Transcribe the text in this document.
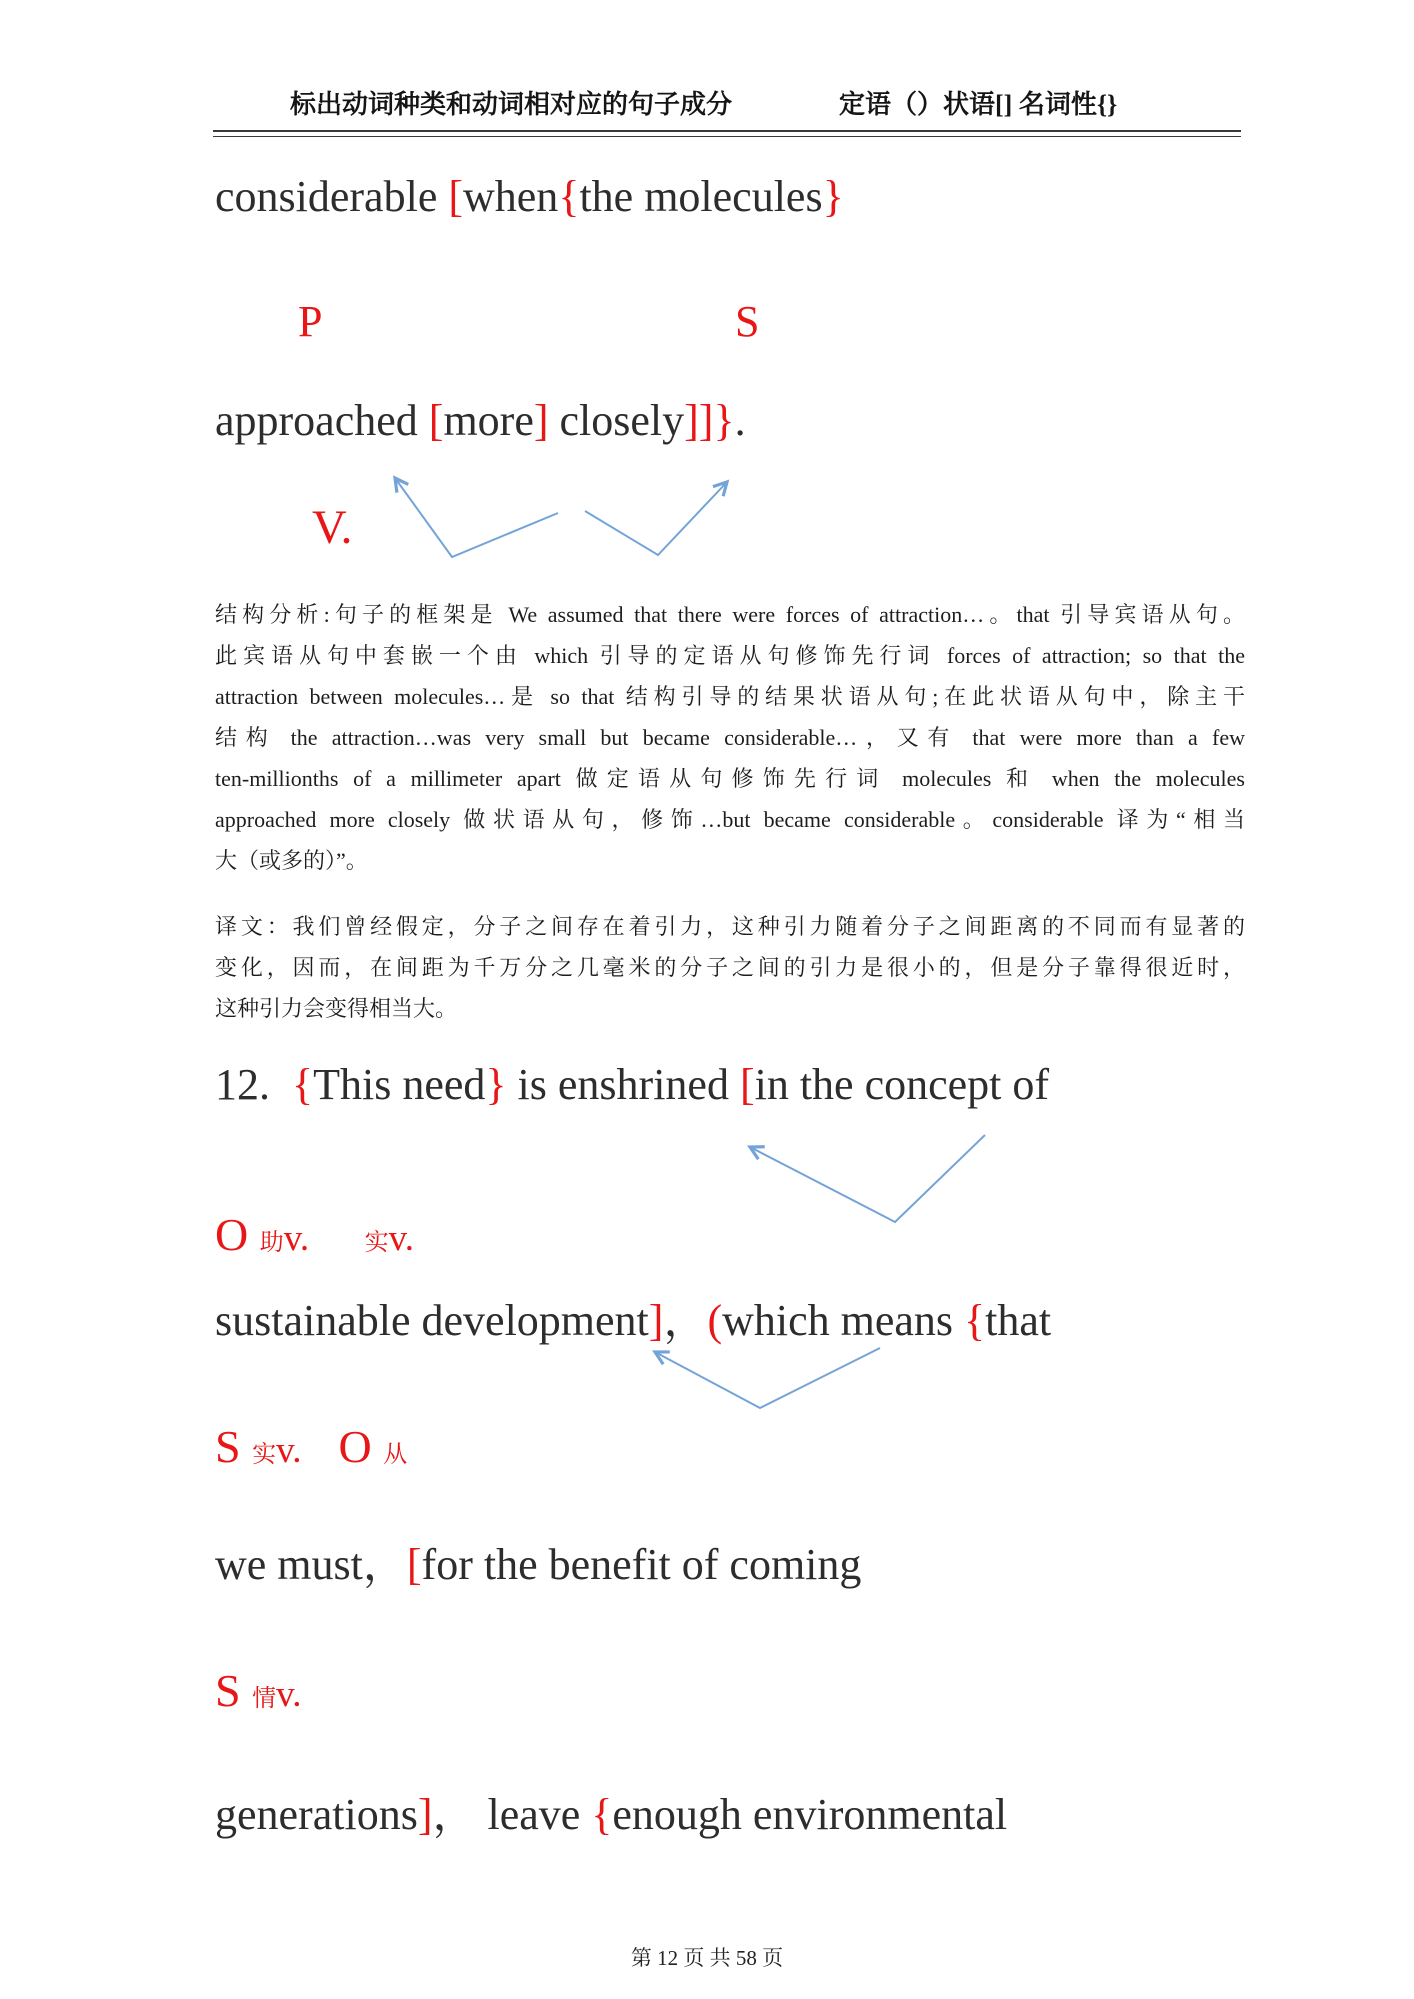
标出动词种类和动词相对应的句子成分	定语（）状语[] 名词性{}
considerable [when{the molecules}
P	S
approached [more] closely]]}.
V.
结构分析:句子的框架是 We assumed that there were forces of attraction…。that 引导宾语从句。
此宾语从句中套嵌一个由 which 引导的定语从句修饰先行词 forces of attraction; so that the
attraction between molecules…是 so that 结构引导的结果状语从句;在此状语从句中，除主干
结构 the attraction…was very small but became considerable…，又有 that were more than a few
ten-millionths of a millimeter apart 做定语从句修饰先行词 molecules 和 when the molecules
approached more closely 做状语从句，修饰…but became considerable。considerable 译为“相当
大（或多的）”。
译文：我们曾经假定，分子之间存在着引力，这种引力随着分子之间距离的不同而有显著的
变化，因而，在间距为千万分之几毫米的分子之间的引力是很小的，但是分子靠得很近时，
这种引力会变得相当大。
12.  {This need} is enshrined [in the concept of
O 助v. 实v.
sustainable development]，(which means {that
S 实v. O 从
we must，[for the benefit of coming
S 情v.
generations]， leave {enough environmental
第 12 页 共 58 页
